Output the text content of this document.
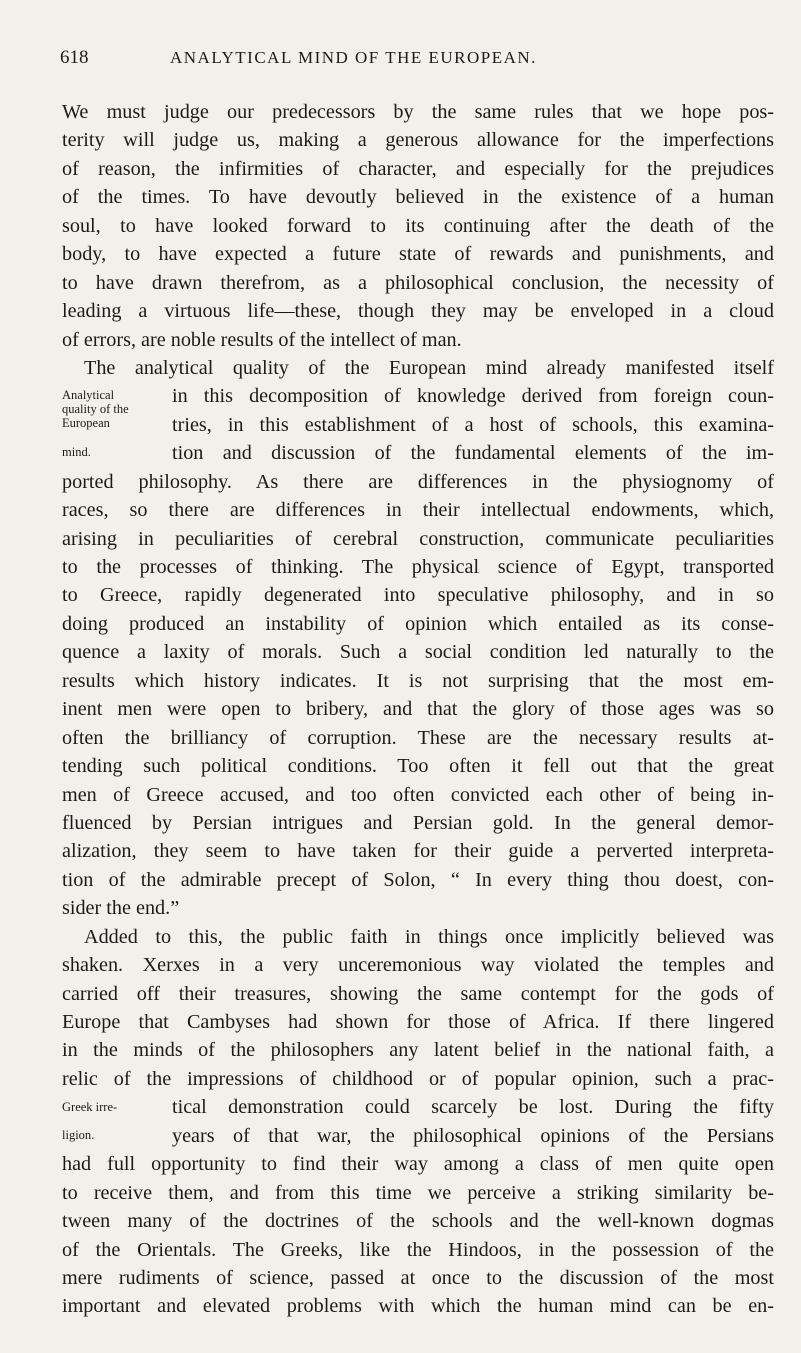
618	ANALYTICAL MIND OF THE EUROPEAN.
We must judge our predecessors by the same rules that we hope pos-
terity will judge us, making a generous allowance for the imperfections
of reason, the infirmities of character, and especially for the prejudices
of the times. To have devoutly believed in the existence of a human
soul, to have looked forward to its continuing after the death of the
body, to have expected a future state of rewards and punishments, and
to have drawn therefrom, as a philosophical conclusion, the necessity of
leading a virtuous life—these, though they may be enveloped in a cloud
of errors, are noble results of the intellect of man.
The analytical quality of the European mind already manifested itself
Analytical
quality of the
European
mind.
in this decomposition of knowledge derived from foreign coun-
tries, in this establishment of a host of schools, this examina-
tion and discussion of the fundamental elements of the im-
ported philosophy. As there are differences in the physiognomy of
races, so there are differences in their intellectual endowments, which,
arising in peculiarities of cerebral construction, communicate peculiarities
to the processes of thinking. The physical science of Egypt, transported
to Greece, rapidly degenerated into speculative philosophy, and in so
doing produced an instability of opinion which entailed as its conse-
quence a laxity of morals. Such a social condition led naturally to the
results which history indicates. It is not surprising that the most em-
inent men were open to bribery, and that the glory of those ages was so
often the brilliancy of corruption. These are the necessary results at-
tending such political conditions. Too often it fell out that the great
men of Greece accused, and too often convicted each other of being in-
fluenced by Persian intrigues and Persian gold. In the general demor-
alization, they seem to have taken for their guide a perverted interpreta-
tion of the admirable precept of Solon, “ In every thing thou doest, con-
sider the end.”
Added to this, the public faith in things once implicitly believed was
shaken. Xerxes in a very unceremonious way violated the temples and
carried off their treasures, showing the same contempt for the gods of
Europe that Cambyses had shown for those of Africa. If there lingered
in the minds of the philosophers any latent belief in the national faith, a
relic of the impressions of childhood or of popular opinion, such a prac-
Greek irre-
ligion.
tical demonstration could scarcely be lost. During the fifty
years of that war, the philosophical opinions of the Persians
had full opportunity to find their way among a class of men quite open
to receive them, and from this time we perceive a striking similarity be-
tween many of the doctrines of the schools and the well-known dogmas
of the Orientals. The Greeks, like the Hindoos, in the possession of the
mere rudiments of science, passed at once to the discussion of the most
important and elevated problems with which the human mind can be en-
